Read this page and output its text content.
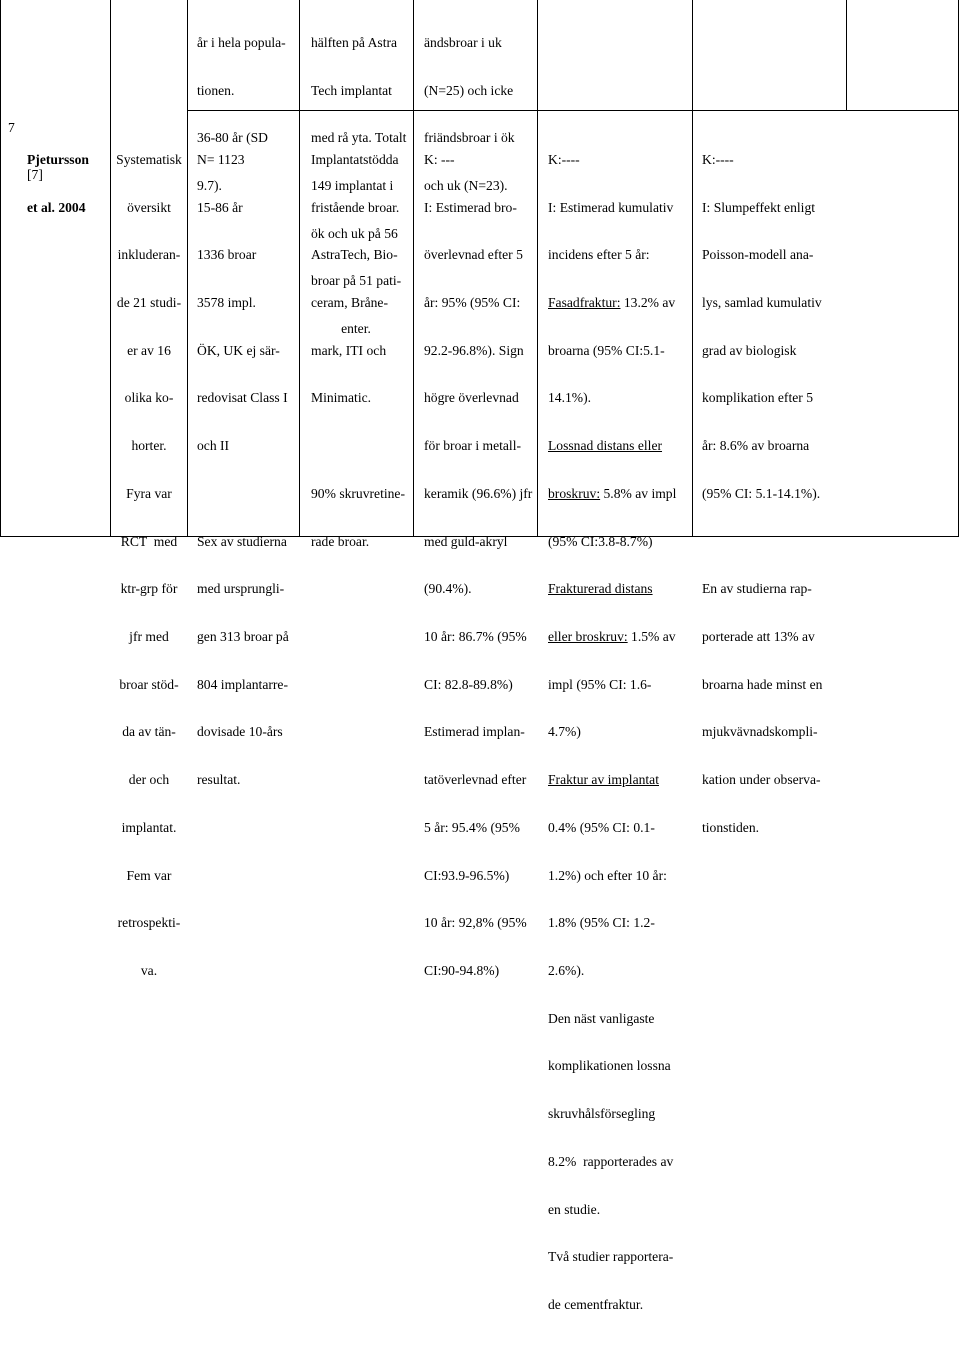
år i hela popula-

tionen.

36-80 år (SD

9.7).

hälften på Astra

Tech implantat

med rå yta. Totalt

149 implantat i

ök och uk på 56

broar på 51 pati-

enter.

ändsbroar i uk

(N=25) och icke

friändsbroar i ök

och uk (N=23).

7

Pjetursson

et al. 2004

[7]

Systematisk

översikt

inkluderan-

de 21 studi-

er av 16

olika ko-

horter.

Fyra var

RCT  med

ktr-grp för

jfr med

broar stöd-

da av tän-

der och

implantat.

Fem var

retrospekti-

va.

N= 1123

15-86 år

1336 broar

3578 impl.

ÖK, UK ej sär-

redovisat Class I

och II

Sex av studierna

med ursprungli-

gen 313 broar på

804 implantarre-

dovisade 10-års

resultat.

Implantatstödda

fristående broar.

AstraTech, Bio-

ceram, Bråne-

mark, ITI och

Minimatic.

90% skruvretine-

rade broar.

K: ---

I: Estimerad bro-

överlevnad efter 5

år: 95% (95% CI:

92.2-96.8%). Sign

högre överlevnad

för broar i metall-

keramik (96.6%) jfr

med guld-akryl

(90.4%).

10 år: 86.7% (95%

CI: 82.8-89.8%)

Estimerad implan-

tatöverlevnad efter

5 år: 95.4% (95%

CI:93.9-96.5%)

10 år: 92,8% (95%

CI:90-94.8%)

K:----

I: Estimerad kumulativ

incidens efter 5 år:

Fasadfraktur: 13.2% av

broarna (95% CI:5.1-

14.1%).

Lossnad distans eller

broskruv: 5.8% av impl

(95% CI:3.8-8.7%)

Frakturerad distans

eller broskruv: 1.5% av

impl (95% CI: 1.6-

4.7%)

Fraktur av implantat

0.4% (95% CI: 0.1-

1.2%) och efter 10 år:

1.8% (95% CI: 1.2-

2.6%).

Den näst vanligaste

komplikationen lossna

skruvhålsförsegling

8.2%  rapporterades av

en studie.

Två studier rapportera-

de cementfraktur.

K:----

I: Slumpeffekt enligt

Poisson-modell ana-

lys, samlad kumulativ

grad av biologisk

komplikation efter 5

år: 8.6% av broarna

(95% CI: 5.1-14.1%).

En av studierna rap-

porterade att 13% av

broarna hade minst en

mjukvävnadskompli-

kation under observa-

tionstiden.
